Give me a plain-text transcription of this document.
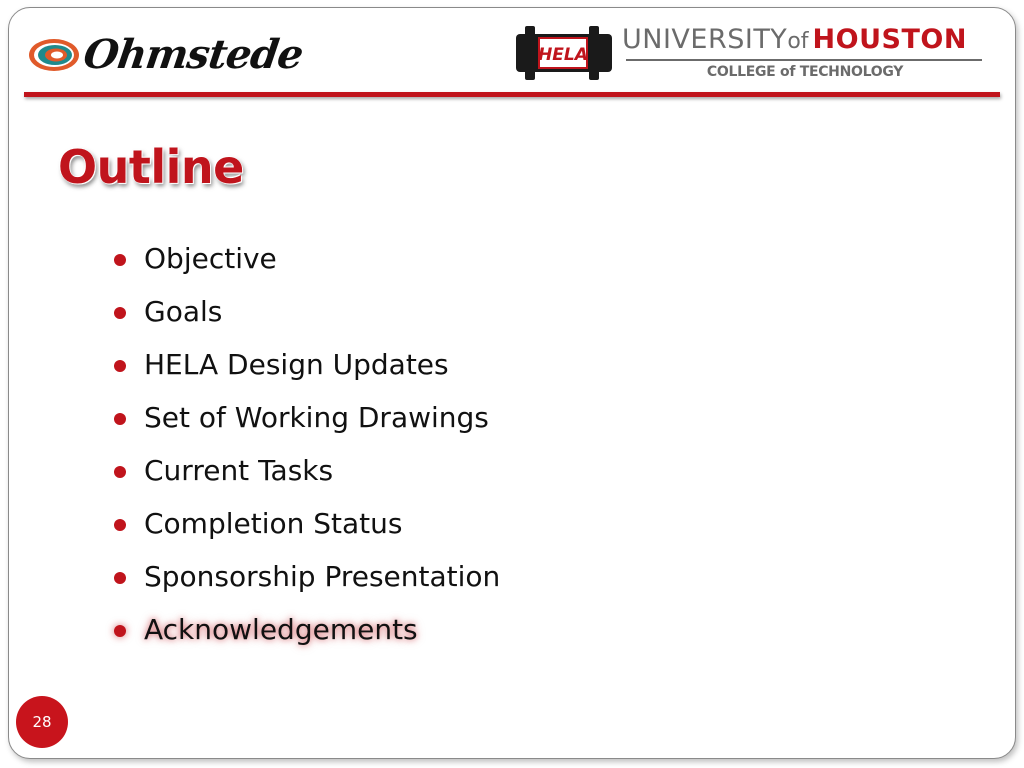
Ohmstede	HELA UNIVERSITYof HOUSTON
COLLEGE of TECHNOLOGY
Outline
Objective
Goals
HELA Design Updates
Set of Working Drawings
Current Tasks
Completion Status
Sponsorship Presentation
Acknowledgements
28
